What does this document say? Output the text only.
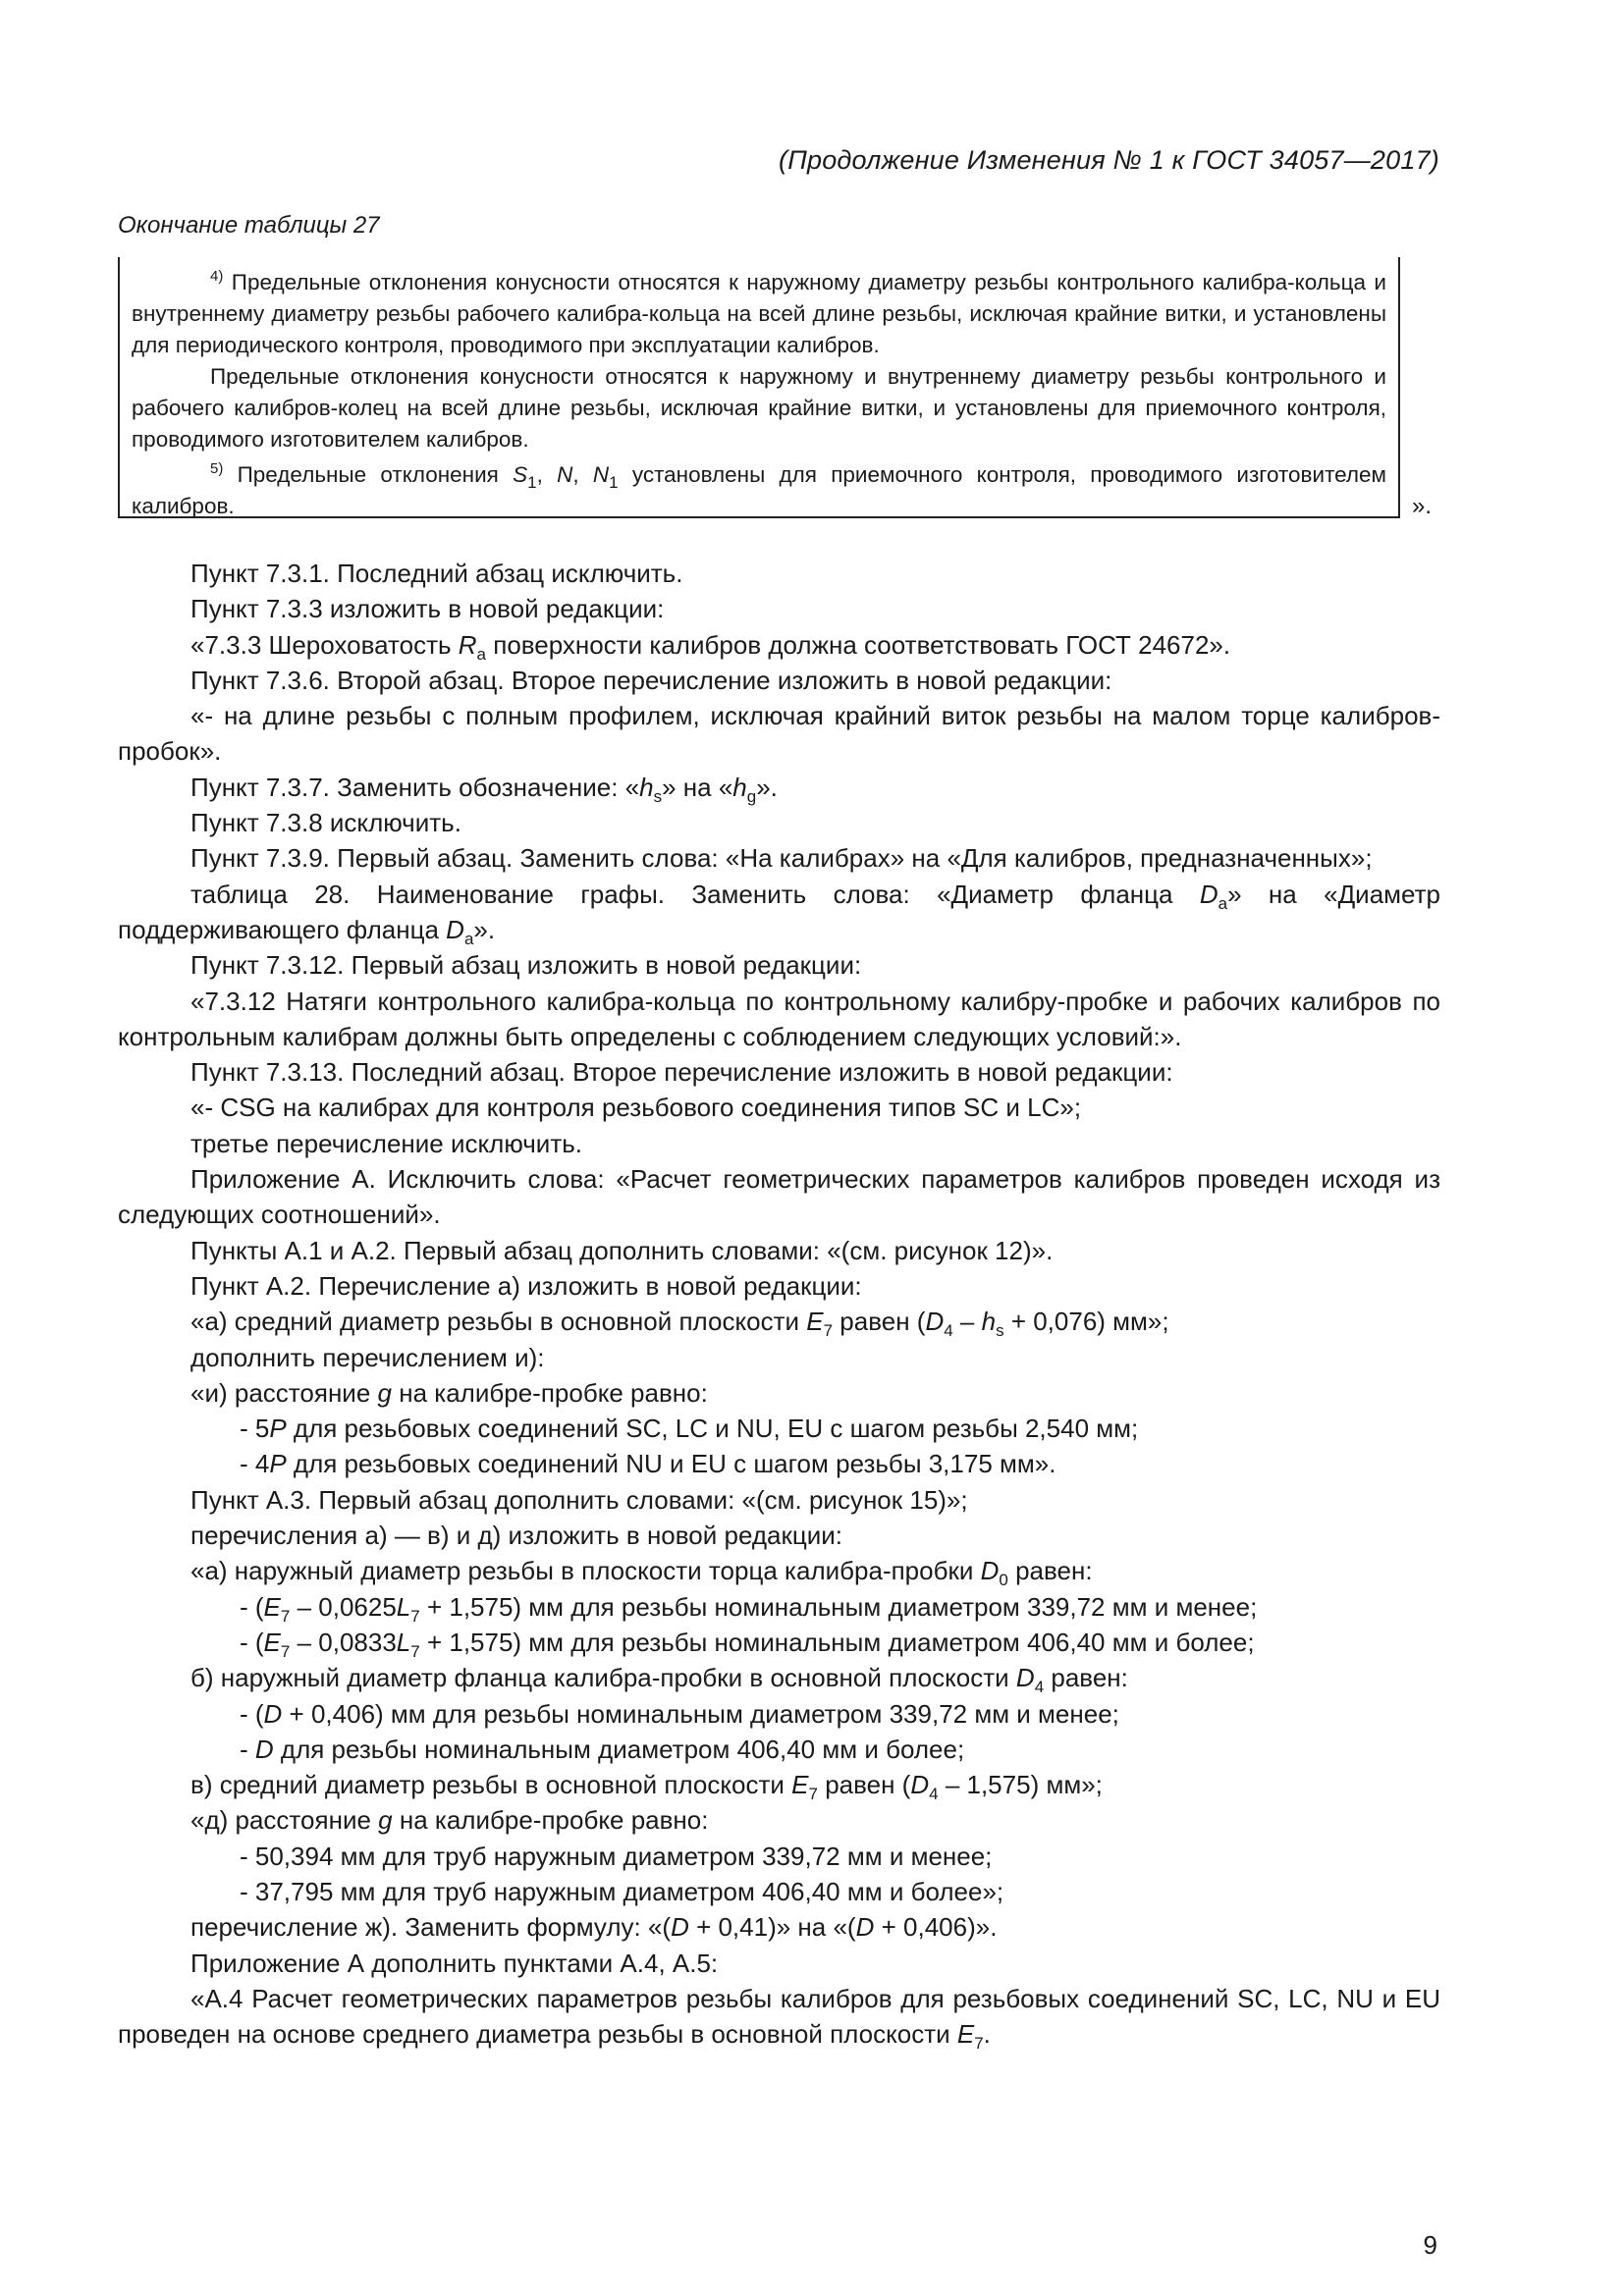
(Продолжение Изменения № 1 к ГОСТ 34057—2017)
Окончание таблицы 27

$^{4)}$ Предельные отклонения конусности относятся к наружному диаметру резьбы контрольного калибра-кольца и внутреннему диаметру резьбы рабочего калибра-кольца на всей длине резьбы, исключая крайние витки, и установлены для периодического контроля, проводимого при эксплуатации калибров.

Предельные отклонения конусности относятся к наружному и внутреннему диаметру резьбы контрольного и рабочего калибров-колец на всей длине резьбы, исключая крайние витки, и установлены для приемочного контроля, проводимого изготовителем калибров.

$^{5)}$ Предельные отклонения $S_1$, N, $N_1$ установлены для приемочного контроля, проводимого изготовителем калибров.	».

Пункт 7.3.1. Последний абзац исключить.

Пункт 7.3.3 изложить в новой редакции:

«7.3.3 Шероховатость $R_a$ поверхности калибров должна соответствовать ГОСТ 24672».

Пункт 7.3.6. Второй абзац. Второе перечисление изложить в новой редакции:

«- на длине резьбы с полным профилем, исключая крайний виток резьбы на малом торце калибров-пробок».

Пункт 7.3.7. Заменить обозначение: «$h_s$» на «$h_g$».

Пункт 7.3.8 исключить.

Пункт 7.3.9. Первый абзац. Заменить слова: «На калибрах» на «Для калибров, предназначенных»;

таблица 28. Наименование графы. Заменить слова: «Диаметр фланца $D_a$» на «Диаметр поддерживающего фланца $D_a$».

Пункт 7.3.12. Первый абзац изложить в новой редакции:

«7.3.12 Натяги контрольного калибра-кольца по контрольному калибру-пробке и рабочих калибров по контрольным калибрам должны быть определены с соблюдением следующих условий:».

Пункт 7.3.13. Последний абзац. Второе перечисление изложить в новой редакции:

«- CSG на калибрах для контроля резьбового соединения типов SC и LC»;

третье перечисление исключить.

Приложение А. Исключить слова: «Расчет геометрических параметров калибров проведен исходя из следующих соотношений».

Пункты А.1 и А.2. Первый абзац дополнить словами: «(см. рисунок 12)».

Пункт А.2. Перечисление а) изложить в новой редакции:

«а) средний диаметр резьбы в основной плоскости $E_7$ равен $(D_4 - h_s + 0,076)$ мм»;

дополнить перечислением и):

«и) расстояние g на калибре-пробке равно:

- 5P для резьбовых соединений SC, LC и NU, EU с шагом резьбы 2,540 мм;

- 4P для резьбовых соединений NU и EU с шагом резьбы 3,175 мм».

Пункт А.3. Первый абзац дополнить словами: «(см. рисунок 15)»;

перечисления а) — в) и д) изложить в новой редакции:

«а) наружный диаметр резьбы в плоскости торца калибра-пробки $D_0$ равен:

- $(E_7 - 0,0625L_7 + 1,575)$ мм для резьбы номинальным диаметром 339,72 мм и менее;

- $(E_7 - 0,0833L_7 + 1,575)$ мм для резьбы номинальным диаметром 406,40 мм и более;

б) наружный диаметр фланца калибра-пробки в основной плоскости $D_4$ равен:

- (D + 0,406) мм для резьбы номинальным диаметром 339,72 мм и менее;

- D для резьбы номинальным диаметром 406,40 мм и более;

в) средний диаметр резьбы в основной плоскости $E_7$ равен $(D_4 - 1,575)$ мм»;

«д) расстояние g на калибре-пробке равно:

- 50,394 мм для труб наружным диаметром 339,72 мм и менее;

- 37,795 мм для труб наружным диаметром 406,40 мм и более»;

перечисление ж). Заменить формулу: «(D + 0,41)» на «(D + 0,406)».

Приложение А дополнить пунктами А.4, А.5:

«А.4 Расчет геометрических параметров резьбы калибров для резьбовых соединений SC, LC, NU и EU проведен на основе среднего диаметра резьбы в основной плоскости $E_7$.

9
